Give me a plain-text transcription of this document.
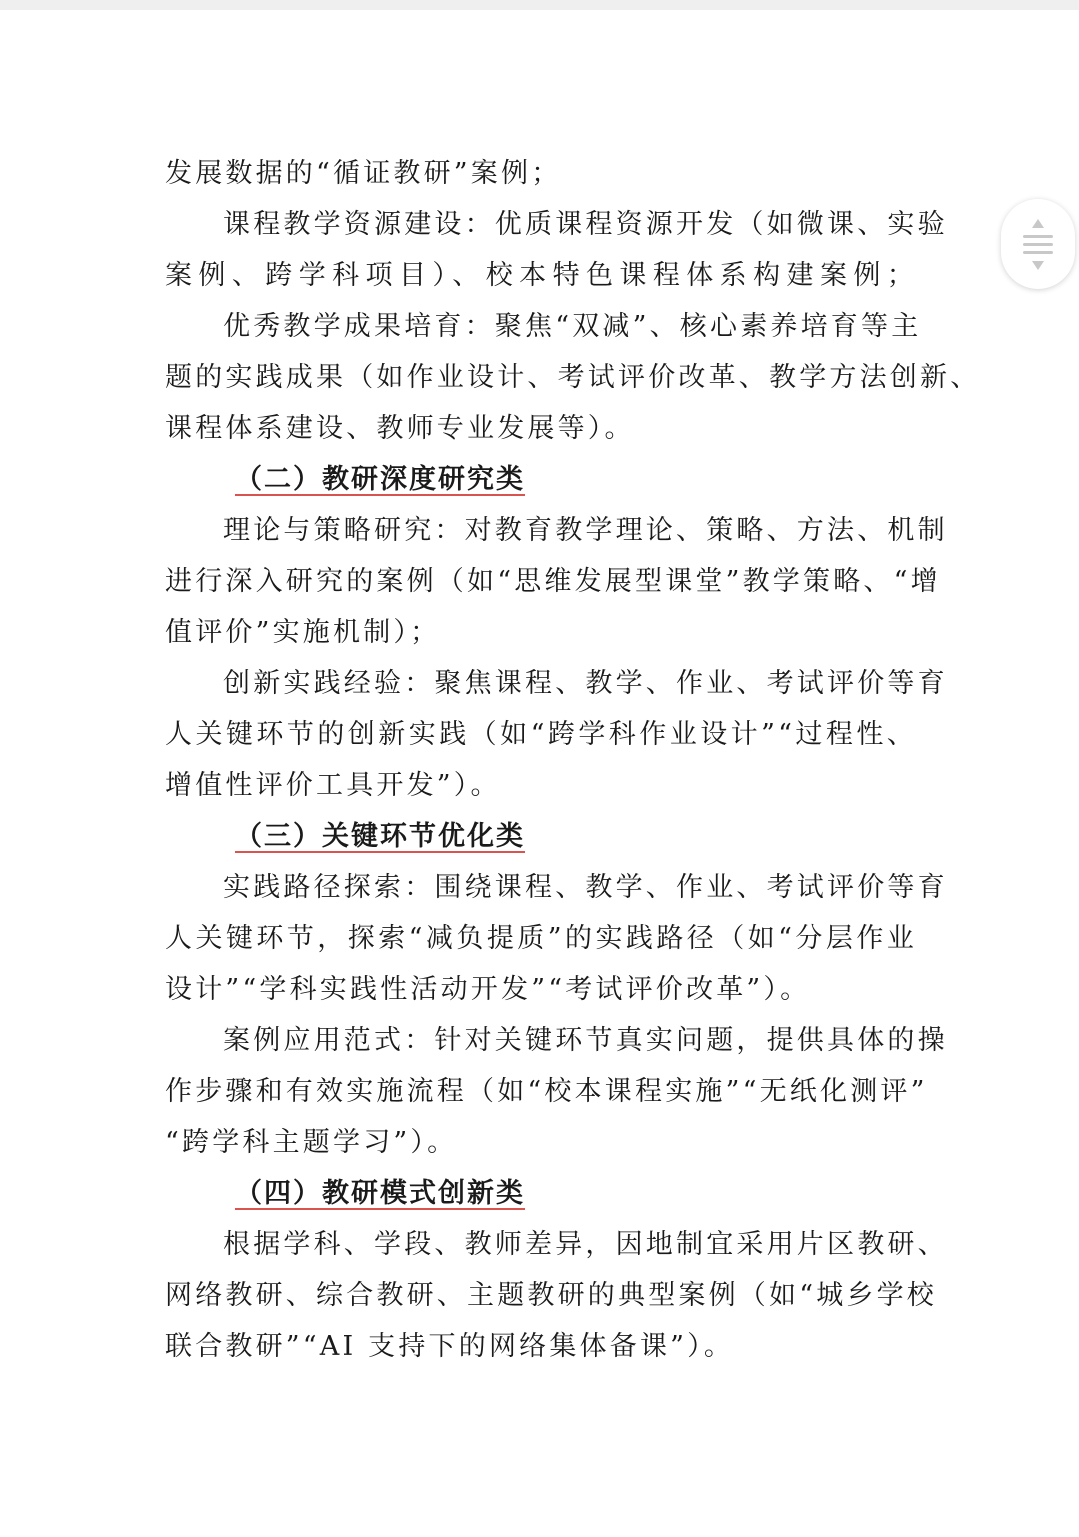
发展数据的“循证教研”案例；
课程教学资源建设：优质课程资源开发（如微课、实验
案例、跨学科项目）、校本特色课程体系构建案例；
优秀教学成果培育：聚焦“双减”、核心素养培育等主
题的实践成果（如作业设计、考试评价改革、教学方法创新、
课程体系建设、教师专业发展等）。
（二）教研深度研究类
理论与策略研究：对教育教学理论、策略、方法、机制
进行深入研究的案例（如“思维发展型课堂”教学策略、“增
值评价”实施机制）；
创新实践经验：聚焦课程、教学、作业、考试评价等育
人关键环节的创新实践（如“跨学科作业设计”“过程性、
增值性评价工具开发”）。
（三）关键环节优化类
实践路径探索：围绕课程、教学、作业、考试评价等育
人关键环节，探索“减负提质”的实践路径（如“分层作业
设计”“学科实践性活动开发”“考试评价改革”）。
案例应用范式：针对关键环节真实问题，提供具体的操
作步骤和有效实施流程（如“校本课程实施”“无纸化测评”
“跨学科主题学习”）。
（四）教研模式创新类
根据学科、学段、教师差异，因地制宜采用片区教研、
网络教研、综合教研、主题教研的典型案例（如“城乡学校
联合教研”“AI 支持下的网络集体备课”）。
